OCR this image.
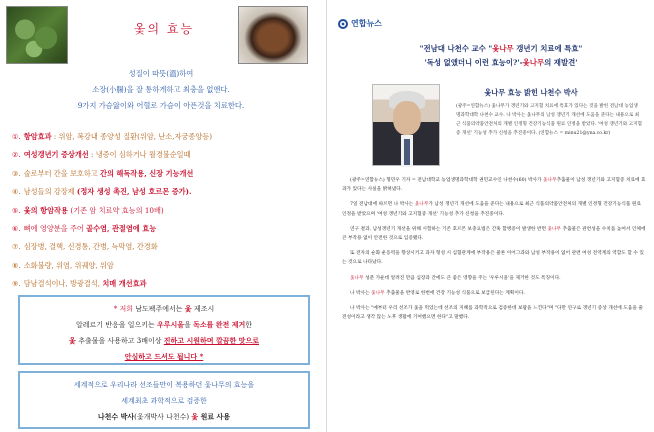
옻의 효능
성질이 따뜻(溫)하여
소장(小腸)을 잘 통하게하고 최충을 없앤다.
9가지 가슴앓이와 어혈로 가슴이 아픈것을 치료한다.
①. 항암효과 : 위암, 복강내 종양성 질환(위암, 난소,자궁종양등)
②. 여성갱년기 증상개선 : 냉증이 심하거나 월경불순일때
③. 술로부터 간을 보호하고 간의 해독작용, 신장 기능개선
④. 남성들의 강장제 (정자 생성 촉진, 남성 호르몬 증가).
⑤. 옻의 항암작용 (기존 암 치료약 효능의 10배)
⑥. 뼈에 영양분을 주어 골수염, 관절염에 효능
⑦. 심장병, 결핵, 신경통, 간병, 늑막염, 간경화
⑧. 소화불량, 위염, 위궤양, 위암
⑨. 담남결석이나, 방광결석, 치매 개선효과
* 저희 남도팩주에서는 옻 제조시
알레르기 반응을 일으키는 우루시올을 독소를 완전 제거한
옻 추출물을 사용하고 3배이상 진하고 시원하며 깔끔한 맛으로
안심하고 드셔도 됩니다 *
세계적으로 우리나라 선조들만이 복용하던 옻나무의 효능을
세계최초 과학적으로 검증한
나천수 박사(옻개박사 나천수) 옻 원료 사용
연합뉴스
"전남대 나천수 교수 "옻나무 갱년기 치료에 특효"
'독성 없앴더니 이런 효능이?'-옻나무의 재발견'
옻나무 효능 밝힌 나천수 박사
(광주=연합뉴스) 옻나무가 갱년기와 고지혈 치료에 특효가 있다는 것을 밝힌 전남대 농업생명과학대학 나천수 교수. 나 박사는 옻나무의 남성 갱년기 개선에 도움을 준다는 내용으로 최근 식품의약품안전처의 개별 인정형 건강기능식품 원료 인정을 받았다. '여성 갱년기와 고지혈증 개선' 기능성 추가 신청을 추진중이다. (연합뉴스 = minu21@yna.co.kr)

(광주=연합뉴스) 형민우 기자 = 전남대학교 농업생명과학대학 권민교수인 나천수(60) 박사가 옻나무추출물이 남성 갱년기와 고지혈증 치료에 효과가 있다는 사실을 밝혀냈다.

7일 전남대에 따르면 나 박사는 옻나무가 남성 갱년기 개선에 도움을 준다는 내용으로 최근 식품의약품안전처의 개별 인정형 건강기능식품 원료 인정을 받았으며 '여성 갱년기와 고지혈증 개선' 기능성 추가 신청을 추진중이다.

연구 결과, 남성갱년기 개선을 위해 시험하는 기존 호르몬 보충요법은 간혹 합병증이 발생한 반면 옻나무 추출물은 관련성을 수치를 높여서 인체에 큰 부작용 없이 안전한 것으로 입증됐다.

또 전자의 순화 운동력을 향상시키고 과자 형성 시 심혈관계에 부작용은 물론 이어그과와 남성 부작용이 없어 관련 여성 전역계의 역할도 할 수 있는 것으로 나타났다.

옻나무 성분 가운데 알려진 만큼 심장과 간에도 큰 좋은 영향을 주는 '우루시올'을 제거한 것도 특징이다.

나 박사는 옻나무 추출물을 반영로 한번에 건강 기능성 식품으로 보급된다는 계획이다.

나 박사는 "예부터 우리 선조가 옻을 먹었는데 선조의 지혜를 과학적으로 검증한데 보람을 느낀다"며 "다만 연구로 갱년기 증상 개선에 도움을 줄 전성이라고 생각 않는 노후 생활에 기여했으면 한다"고 말했다.
